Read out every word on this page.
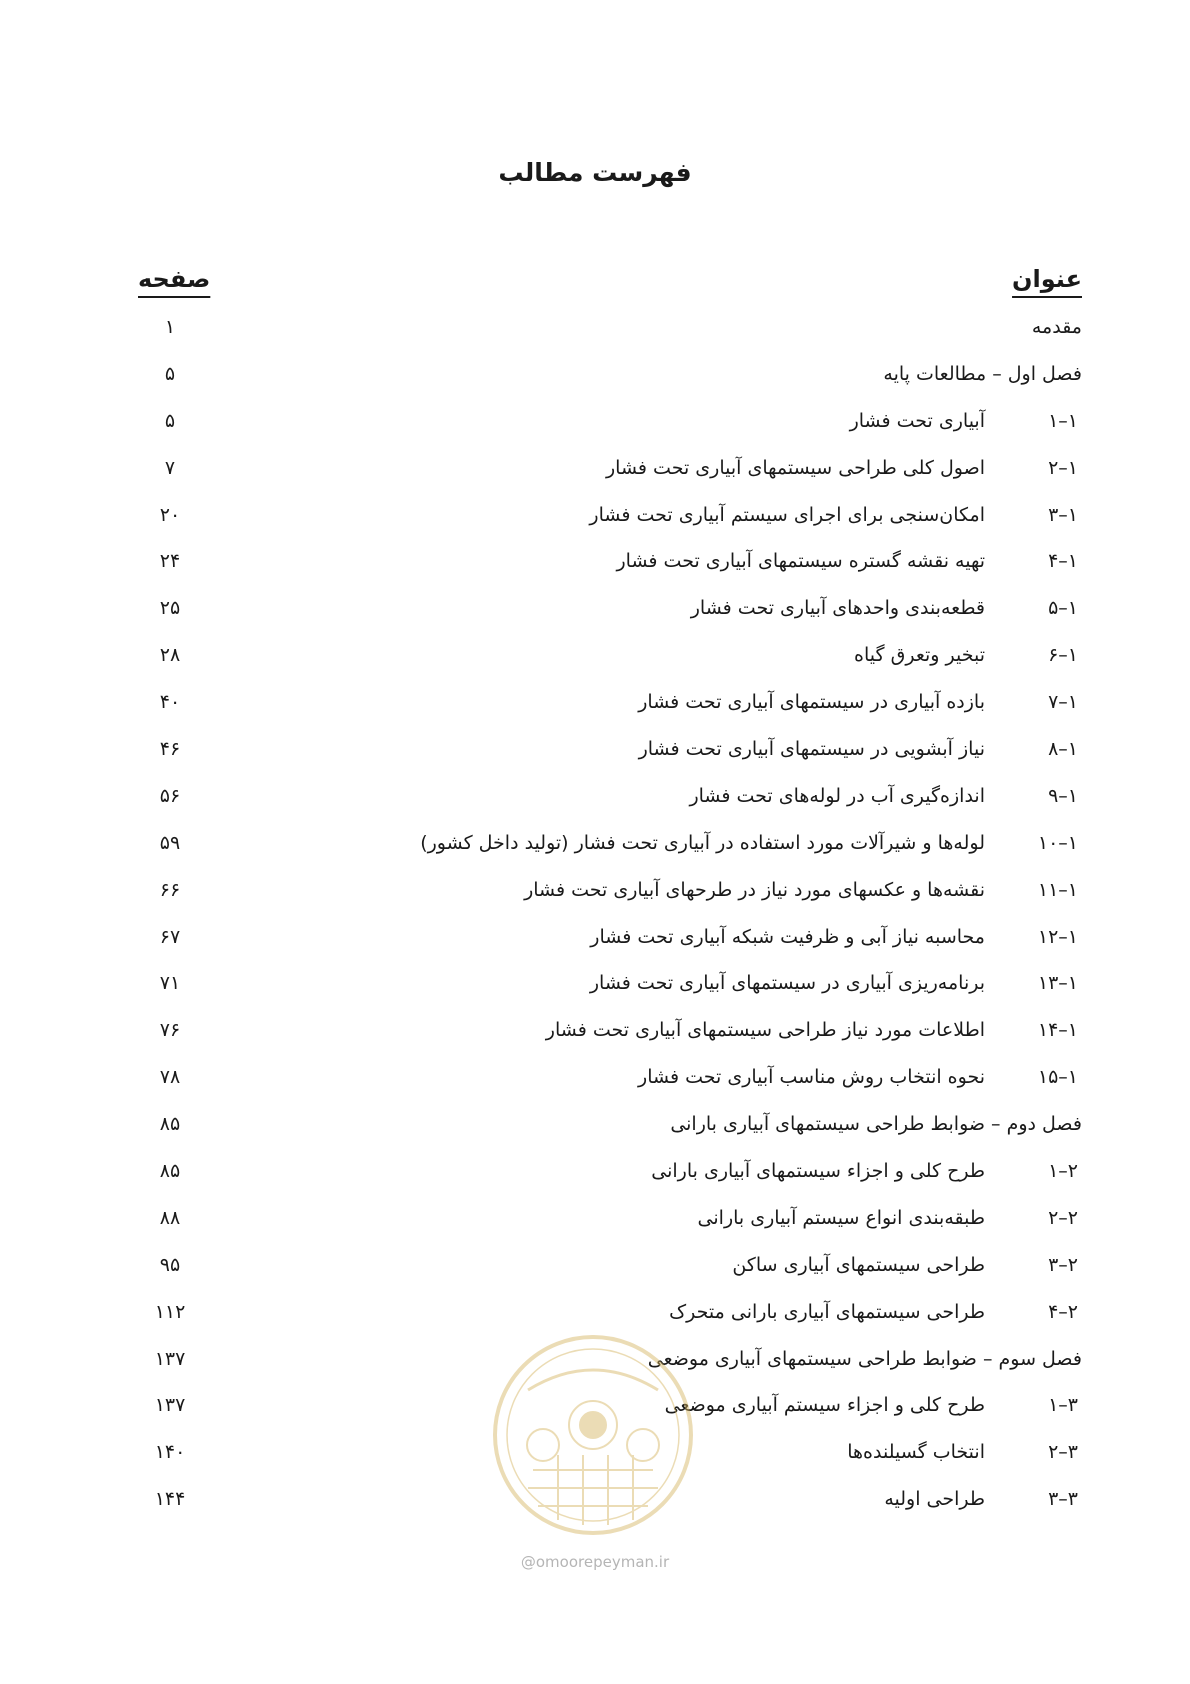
فهرست مطالب
عنوان
صفحه
مقدمه
۱
فصل اول – مطالعات پایه
۵
۱–۱
آبیاری تحت فشار
۵
۱–۲
اصول کلی طراحی سیستمهای آبیاری تحت فشار
۷
۱–۳
امکان‌سنجی برای اجرای سیستم آبیاری تحت فشار
۲۰
۱–۴
تهیه نقشه گستره سیستمهای آبیاری تحت فشار
۲۴
۱–۵
قطعه‌بندی واحدهای آبیاری تحت فشار
۲۵
۱–۶
تبخیر وتعرق گیاه
۲۸
۱–۷
بازده آبیاری در سیستمهای آبیاری تحت فشار
۴۰
۱–۸
نیاز آبشویی در سیستمهای آبیاری تحت فشار
۴۶
۱–۹
اندازه‌گیری آب در لوله‌های تحت فشار
۵۶
۱–۱۰
لوله‌ها و شیرآلات مورد استفاده در آبیاری تحت فشار (تولید داخل کشور)
۵۹
۱–۱۱
نقشه‌ها و عکسهای مورد نیاز در طرحهای آبیاری تحت فشار
۶۶
۱–۱۲
محاسبه نیاز آبی و ظرفیت شبکه آبیاری تحت فشار
۶۷
۱–۱۳
برنامه‌ریزی آبیاری در سیستمهای آبیاری تحت فشار
۷۱
۱–۱۴
اطلاعات مورد نیاز طراحی سیستمهای آبیاری تحت فشار
۷۶
۱–۱۵
نحوه انتخاب روش مناسب آبیاری تحت فشار
۷۸
فصل دوم – ضوابط طراحی سیستمهای آبیاری بارانی
۸۵
۲–۱
طرح کلی و اجزاء سیستمهای آبیاری بارانی
۸۵
۲–۲
طبقه‌بندی انواع سیستم آبیاری بارانی
۸۸
۲–۳
طراحی سیستمهای آبیاری ساکن
۹۵
۲–۴
طراحی سیستمهای آبیاری بارانی متحرک
۱۱۲
فصل سوم – ضوابط طراحی سیستمهای آبیاری موضعی
۱۳۷
۳–۱
طرح کلی و اجزاء سیستم آبیاری موضعی
۱۳۷
۳–۲
انتخاب گسیلنده‌ها
۱۴۰
۳–۳
طراحی اولیه
۱۴۴
@omoorepeyman.ir
